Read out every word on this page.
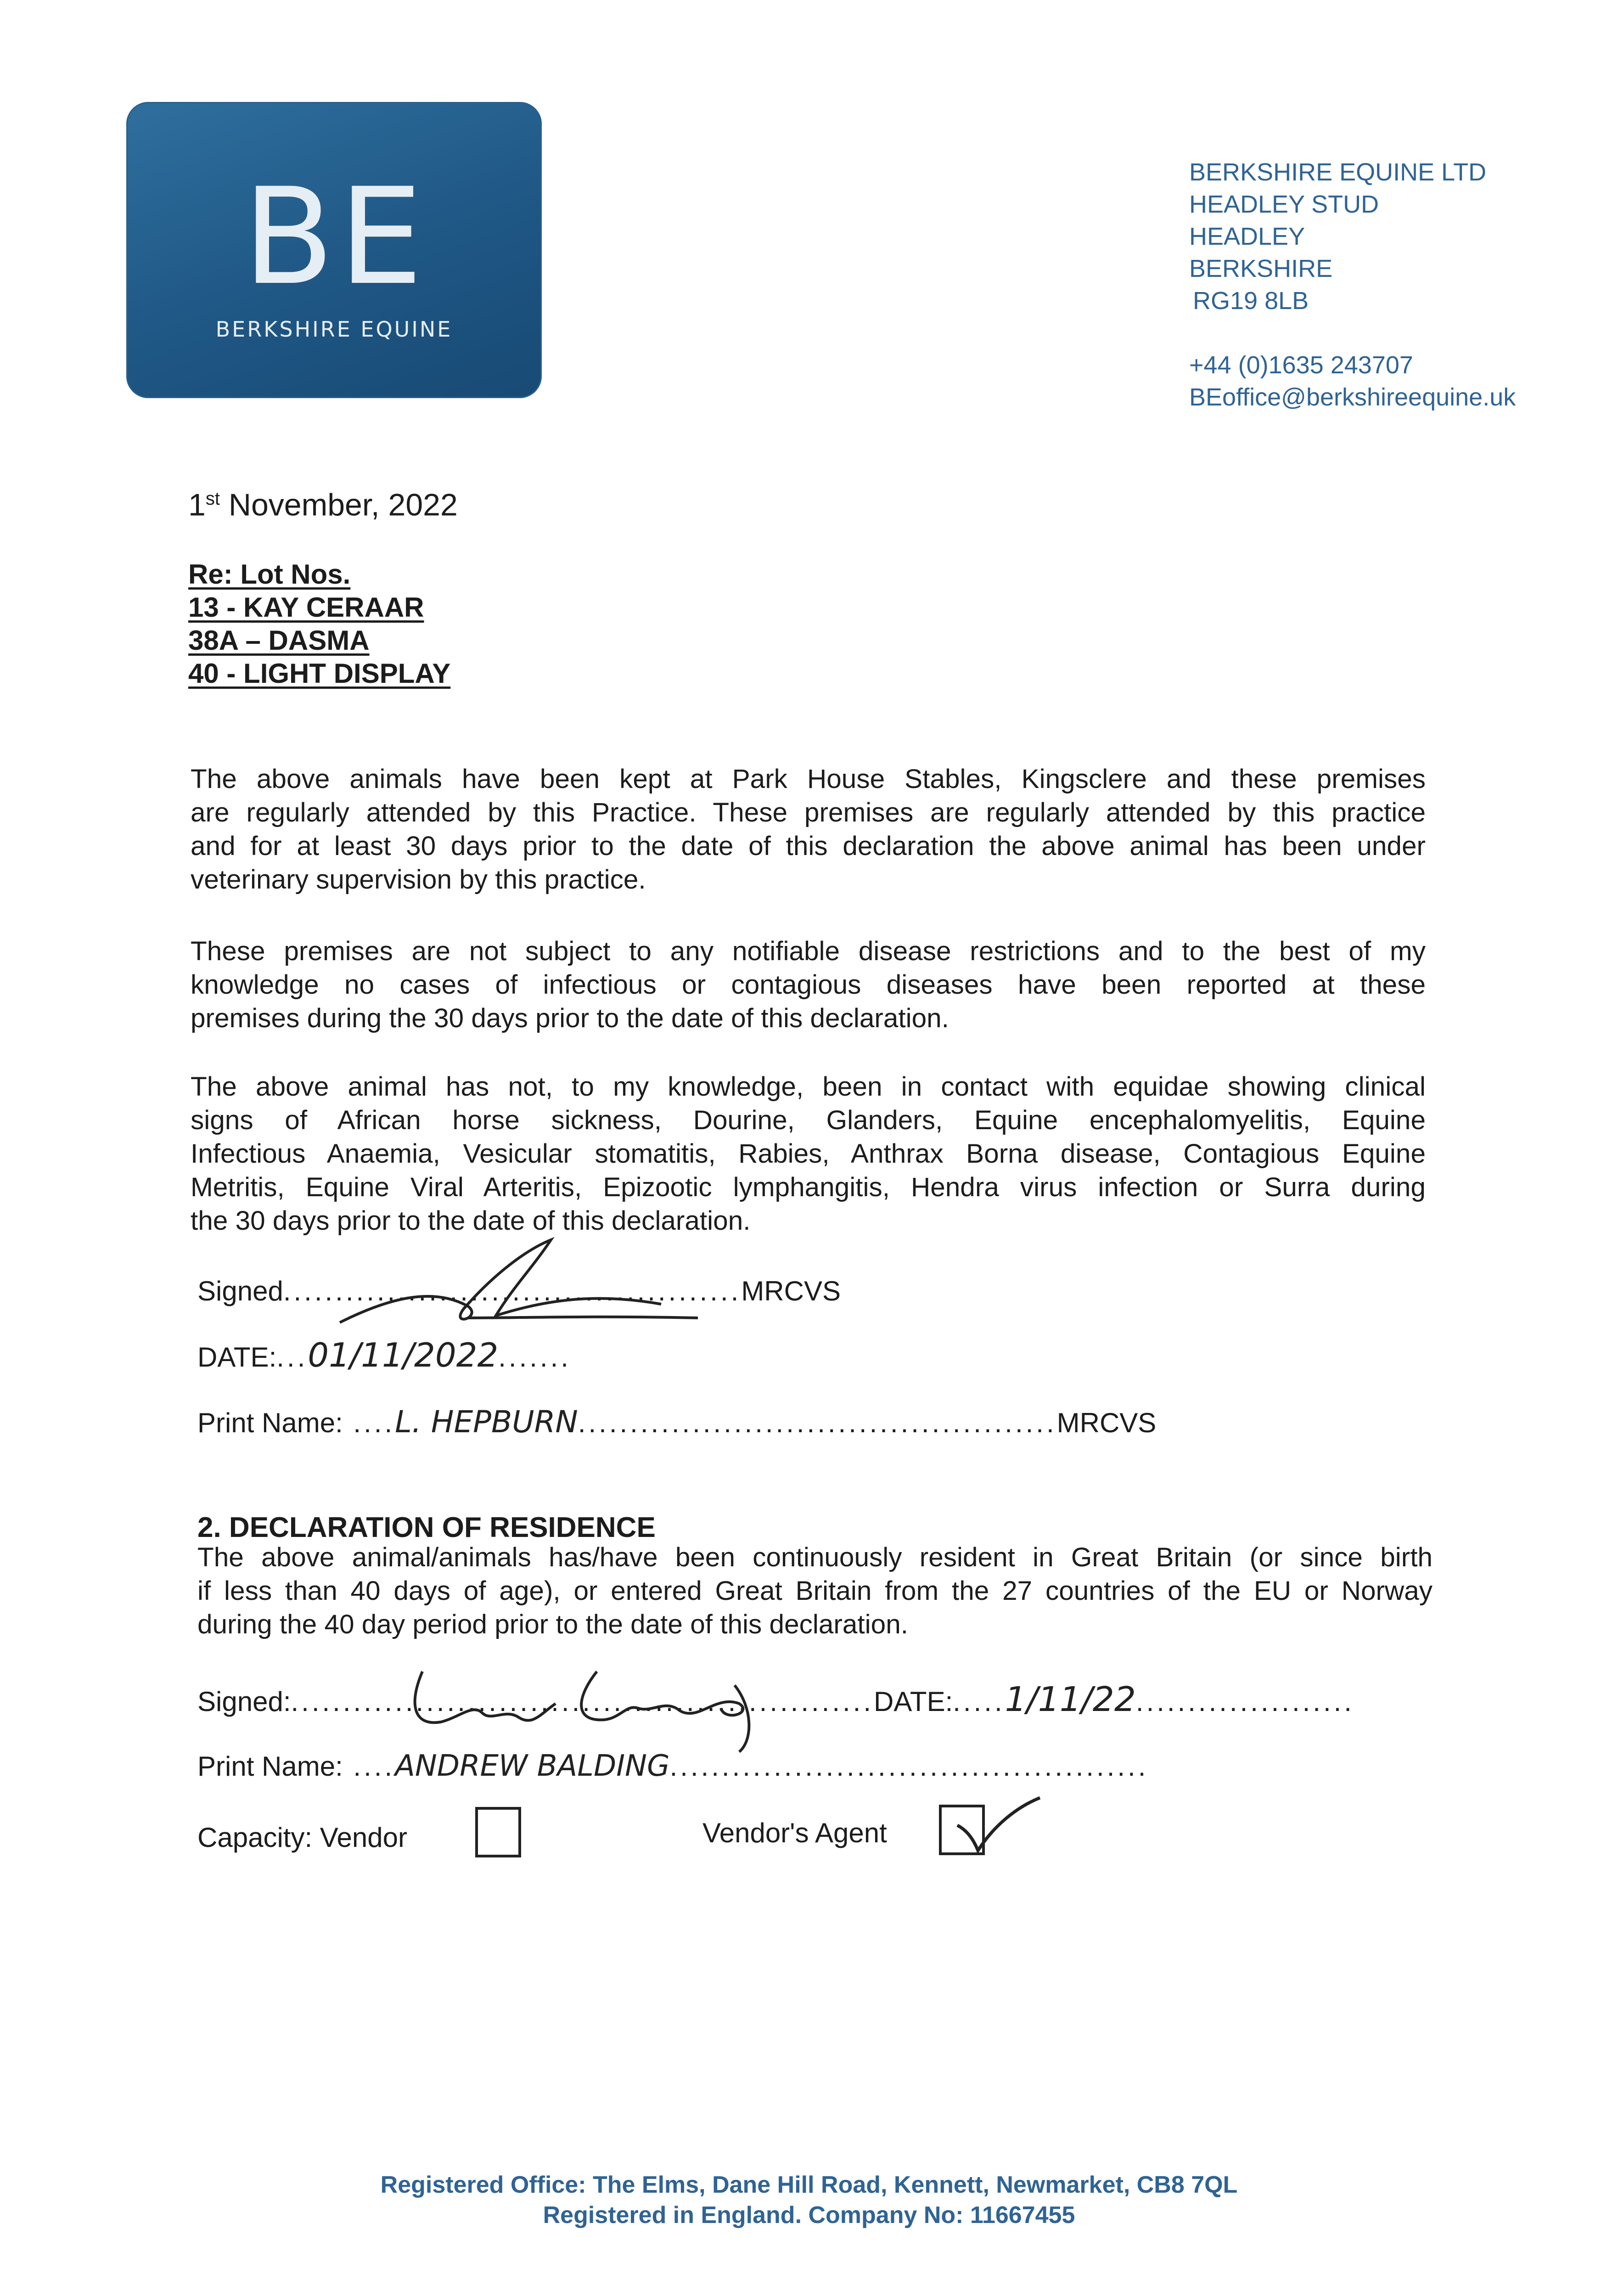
BE
BERKSHIRE EQUINE
BERKSHIRE EQUINE LTD
HEADLEY STUD
HEADLEY
BERKSHIRE
RG19 8LB
+44 (0)1635 243707
BEoffice@berkshireequine.uk
1st November, 2022
Re: Lot Nos.
13 - KAY CERAAR
38A – DASMA
40 - LIGHT DISPLAY
The above animals have been kept at Park House Stables, Kingsclere and these premises
are regularly attended by this Practice. These premises are regularly attended by this practice
and for at least 30 days prior to the date of this declaration the above animal has been under
veterinary supervision by this practice.
These premises are not subject to any notifiable disease restrictions and to the best of my
knowledge no cases of infectious or contagious diseases have been reported at these
premises during the 30 days prior to the date of this declaration.
The above animal has not, to my knowledge, been in contact with equidae showing clinical
signs of African horse sickness, Dourine, Glanders, Equine encephalomyelitis, Equine
Infectious Anaemia, Vesicular stomatitis, Rabies, Anthrax Borna disease, Contagious Equine
Metritis, Equine Viral Arteritis, Epizootic lymphangitis, Hendra virus infection or Surra during
the 30 days prior to the date of this declaration.
Signed............................................MRCVS
DATE:...01/11/2022.......
Print Name: ....L. HEPBURN..............................................MRCVS
2. DECLARATION OF RESIDENCE
The above animal/animals has/have been continuously resident in Great Britain (or since birth
if less than 40 days of age), or entered Great Britain from the 27 countries of the EU or Norway
during the 40 day period prior to the date of this declaration.
Signed:........................................................DATE:.....1/11/22.....................
Print Name: ....ANDREW BALDING..............................................
Capacity: Vendor	Vendor's Agent
Registered Office: The Elms, Dane Hill Road, Kennett, Newmarket, CB8 7QL
Registered in England. Company No: 11667455
